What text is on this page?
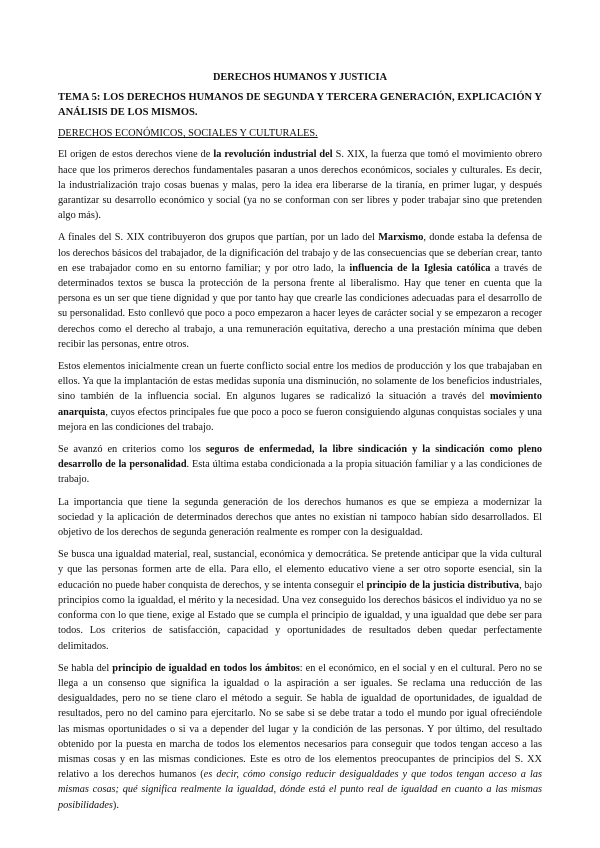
DERECHOS HUMANOS Y JUSTICIA
TEMA 5: LOS DERECHOS HUMANOS DE SEGUNDA Y TERCERA GENERACIÓN, EXPLICACIÓN Y ANÁLISIS DE LOS MISMOS.
DERECHOS ECONÓMICOS, SOCIALES Y CULTURALES.

El origen de estos derechos viene de la revolución industrial del S. XIX, la fuerza que tomó el movimiento obrero hace que los primeros derechos fundamentales pasaran a unos derechos económicos, sociales y culturales. Es decir, la industrialización trajo cosas buenas y malas, pero la idea era liberarse de la tiranía, en primer lugar, y después garantizar su desarrollo económico y social (ya no se conforman con ser libres y poder trabajar sino que pretenden algo más).

A finales del S. XIX contribuyeron dos grupos que partían, por un lado del Marxismo, donde estaba la defensa de los derechos básicos del trabajador, de la dignificación del trabajo y de las consecuencias que se deberían crear, tanto en ese trabajador como en su entorno familiar; y por otro lado, la influencia de la Iglesia católica a través de determinados textos se busca la protección de la persona frente al liberalismo. Hay que tener en cuenta que la persona es un ser que tiene dignidad y que por tanto hay que crearle las condiciones adecuadas para el desarrollo de su personalidad. Esto conllevó que poco a poco empezaron a hacer leyes de carácter social y se empezaron a recoger derechos como el derecho al trabajo, a una remuneración equitativa, derecho a una prestación mínima que deben recibir las personas, entre otros.

Estos elementos inicialmente crean un fuerte conflicto social entre los medios de producción y los que trabajaban en ellos. Ya que la implantación de estas medidas suponía una disminución, no solamente de los beneficios industriales, sino también de la influencia social. En algunos lugares se radicalizó la situación a través del movimiento anarquista, cuyos efectos principales fue que poco a poco se fueron consiguiendo algunas conquistas sociales y una mejora en las condiciones del trabajo.

Se avanzó en criterios como los seguros de enfermedad, la libre sindicación y la sindicación como pleno desarrollo de la personalidad. Esta última estaba condicionada a la propia situación familiar y a las condiciones de trabajo.

La importancia que tiene la segunda generación de los derechos humanos es que se empieza a modernizar la sociedad y la aplicación de determinados derechos que antes no existían ni tampoco habían sido desarrollados. El objetivo de los derechos de segunda generación realmente es romper con la desigualdad.

Se busca una igualdad material, real, sustancial, económica y democrática. Se pretende anticipar que la vida cultural y que las personas formen arte de ella. Para ello, el elemento educativo viene a ser otro soporte esencial, sin la educación no puede haber conquista de derechos, y se intenta conseguir el principio de la justicia distributiva, bajo principios como la igualdad, el mérito y la necesidad. Una vez conseguido los derechos básicos el individuo ya no se conforma con lo que tiene, exige al Estado que se cumpla el principio de igualdad, y una igualdad que debe ser para todos. Los criterios de satisfacción, capacidad y oportunidades de resultados deben quedar perfectamente delimitados.

Se habla del principio de igualdad en todos los ámbitos: en el económico, en el social y en el cultural. Pero no se llega a un consenso que significa la igualdad o la aspiración a ser iguales. Se reclama una reducción de las desigualdades, pero no se tiene claro el método a seguir. Se habla de igualdad de oportunidades, de igualdad de resultados, pero no del camino para ejercitarlo. No se sabe si se debe tratar a todo el mundo por igual ofreciéndole las mismas oportunidades o si va a depender del lugar y la condición de las personas. Y por último, del resultado obtenido por la puesta en marcha de todos los elementos necesarios para conseguir que todos tengan acceso a las mismas cosas y en las mismas condiciones. Este es otro de los elementos preocupantes de principios del S. XX relativo a los derechos humanos (es decir, cómo consigo reducir desigualdades y que todos tengan acceso a las mismas cosas; qué significa realmente la igualdad, dónde está el punto real de igualdad en cuanto a las mismas posibilidades).
